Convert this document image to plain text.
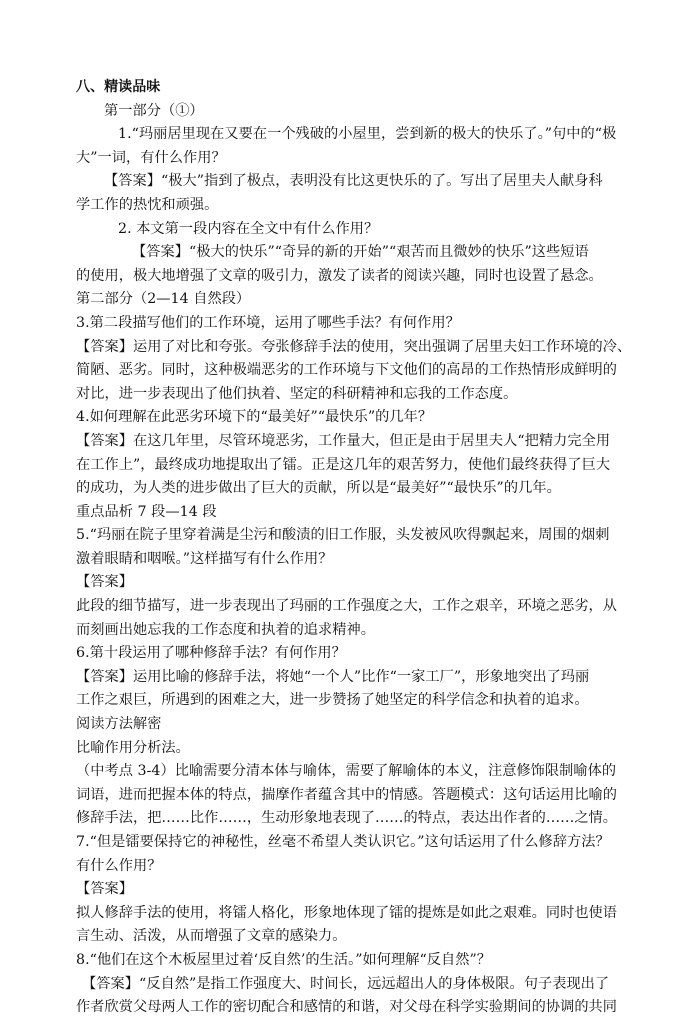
八、精读品味
第一部分（①）
1.“玛丽居里现在又要在一个残破的小屋里，尝到新的极大的快乐了。”句中的“极
大”一词，有什么作用？
【答案】“极大”指到了极点，表明没有比这更快乐的了。写出了居里夫人献身科
学工作的热忱和顽强。
2. 本文第一段内容在全文中有什么作用？
【答案】“极大的快乐”“奇异的新的开始”“艰苦而且微妙的快乐”这些短语
的使用，极大地增强了文章的吸引力，激发了读者的阅读兴趣，同时也设置了悬念。
第二部分（2—14 自然段）
3.第二段描写他们的工作环境，运用了哪些手法？有何作用？
【答案】运用了对比和夸张。夸张修辞手法的使用，突出强调了居里夫妇工作环境的冷、
简陋、恶劣。同时，这种极端恶劣的工作环境与下文他们的高昂的工作热情形成鲜明的
对比，进一步表现出了他们执着、坚定的科研精神和忘我的工作态度。
4.如何理解在此恶劣环境下的“最美好”“最快乐”的几年？
【答案】在这几年里，尽管环境恶劣，工作量大，但正是由于居里夫人“把精力完全用
在工作上”，最终成功地提取出了镭。正是这几年的艰苦努力，使他们最终获得了巨大
的成功，为人类的进步做出了巨大的贡献，所以是“最美好”“最快乐”的几年。
重点品析 7 段—14 段
5.“玛丽在院子里穿着满是尘污和酸渍的旧工作服，头发被风吹得飘起来，周围的烟刺
激着眼睛和咽喉。”这样描写有什么作用？
【答案】
此段的细节描写，进一步表现出了玛丽的工作强度之大，工作之艰辛，环境之恶劣，从
而刻画出她忘我的工作态度和执着的追求精神。
6.第十段运用了哪种修辞手法？有何作用？
【答案】运用比喻的修辞手法，将她“一个人”比作“一家工厂”，形象地突出了玛丽
工作之艰巨，所遇到的困难之大，进一步赞扬了她坚定的科学信念和执着的追求。
阅读方法解密
比喻作用分析法。
（中考点 3-4）比喻需要分清本体与喻体，需要了解喻体的本义，注意修饰限制喻体的
词语，进而把握本体的特点，揣摩作者蕴含其中的情感。答题模式：这句话运用比喻的
修辞手法，把……比作……，生动形象地表现了……的特点，表达出作者的……之情。
7.“但是镭要保持它的神秘性，丝毫不希望人类认识它。”这句话运用了什么修辞方法？
有什么作用？
【答案】
拟人修辞手法的使用，将镭人格化，形象地体现了镭的提炼是如此之艰难。同时也使语
言生动、活泼，从而增强了文章的感染力。
8.“他们在这个木板屋里过着‘反自然’的生活。”如何理解“反自然”？
【答案】“反自然”是指工作强度大、时间长，远远超出人的身体极限。句子表现出了
作者欣赏父母两人工作的密切配合和感情的和谐，对父母在科学实验期间的协调的共同
